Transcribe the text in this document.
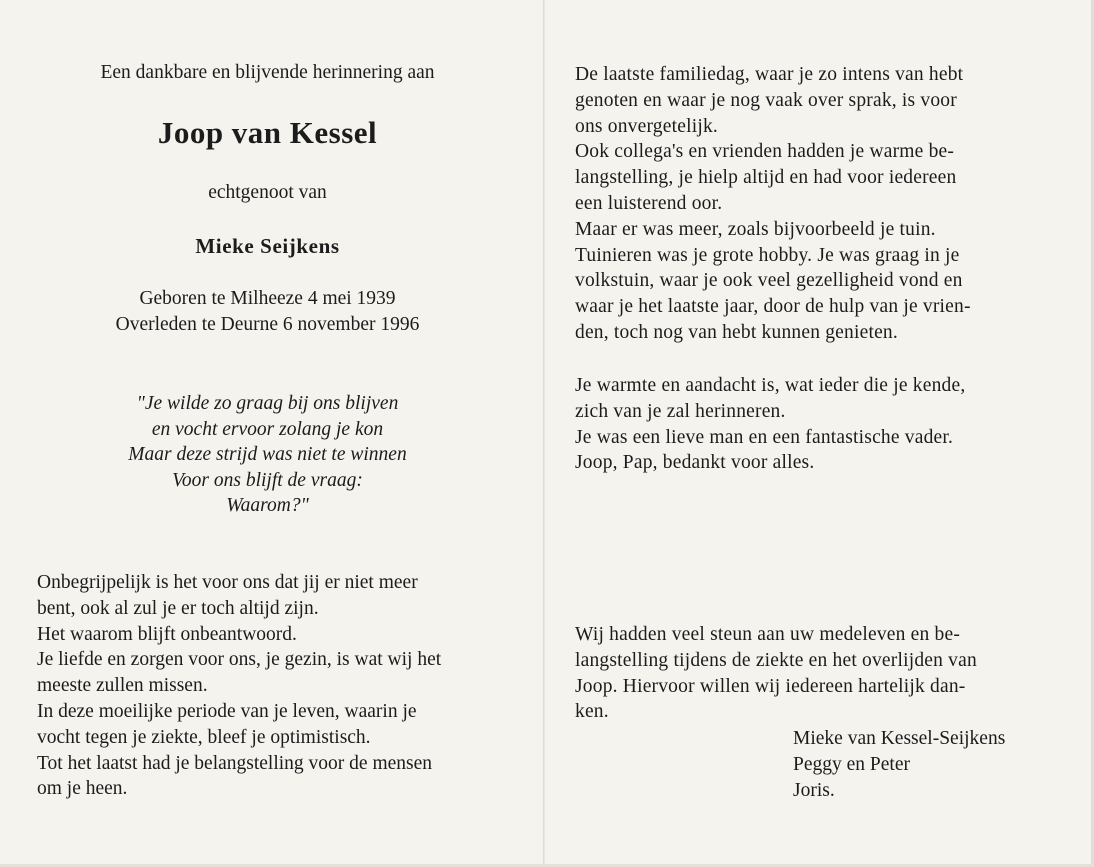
Een dankbare en blijvende herinnering aan
Joop van Kessel
echtgenoot van
Mieke Seijkens
Geboren te Milheeze 4 mei 1939
Overleden te Deurne 6 november 1996
"Je wilde zo graag bij ons blijven
en vocht ervoor zolang je kon
Maar deze strijd was niet te winnen
Voor ons blijft de vraag:
Waarom?"
Onbegrijpelijk is het voor ons dat jij er niet meer
bent, ook al zul je er toch altijd zijn.
Het waarom blijft onbeantwoord.
Je liefde en zorgen voor ons, je gezin, is wat wij het
meeste zullen missen.
In deze moeilijke periode van je leven, waarin je
vocht tegen je ziekte, bleef je optimistisch.
Tot het laatst had je belangstelling voor de mensen
om je heen.
De laatste familiedag, waar je zo intens van hebt
genoten en waar je nog vaak over sprak, is voor
ons onvergetelijk.
Ook collega's en vrienden hadden je warme be-
langstelling, je hielp altijd en had voor iedereen
een luisterend oor.
Maar er was meer, zoals bijvoorbeeld je tuin.
Tuinieren was je grote hobby. Je was graag in je
volkstuin, waar je ook veel gezelligheid vond en
waar je het laatste jaar, door de hulp van je vrien-
den, toch nog van hebt kunnen genieten.
Je warmte en aandacht is, wat ieder die je kende,
zich van je zal herinneren.
Je was een lieve man en een fantastische vader.
Joop, Pap, bedankt voor alles.
Wij hadden veel steun aan uw medeleven en be-
langstelling tijdens de ziekte en het overlijden van
Joop. Hiervoor willen wij iedereen hartelijk dan-
ken.
Mieke van Kessel-Seijkens
Peggy en Peter
Joris.
